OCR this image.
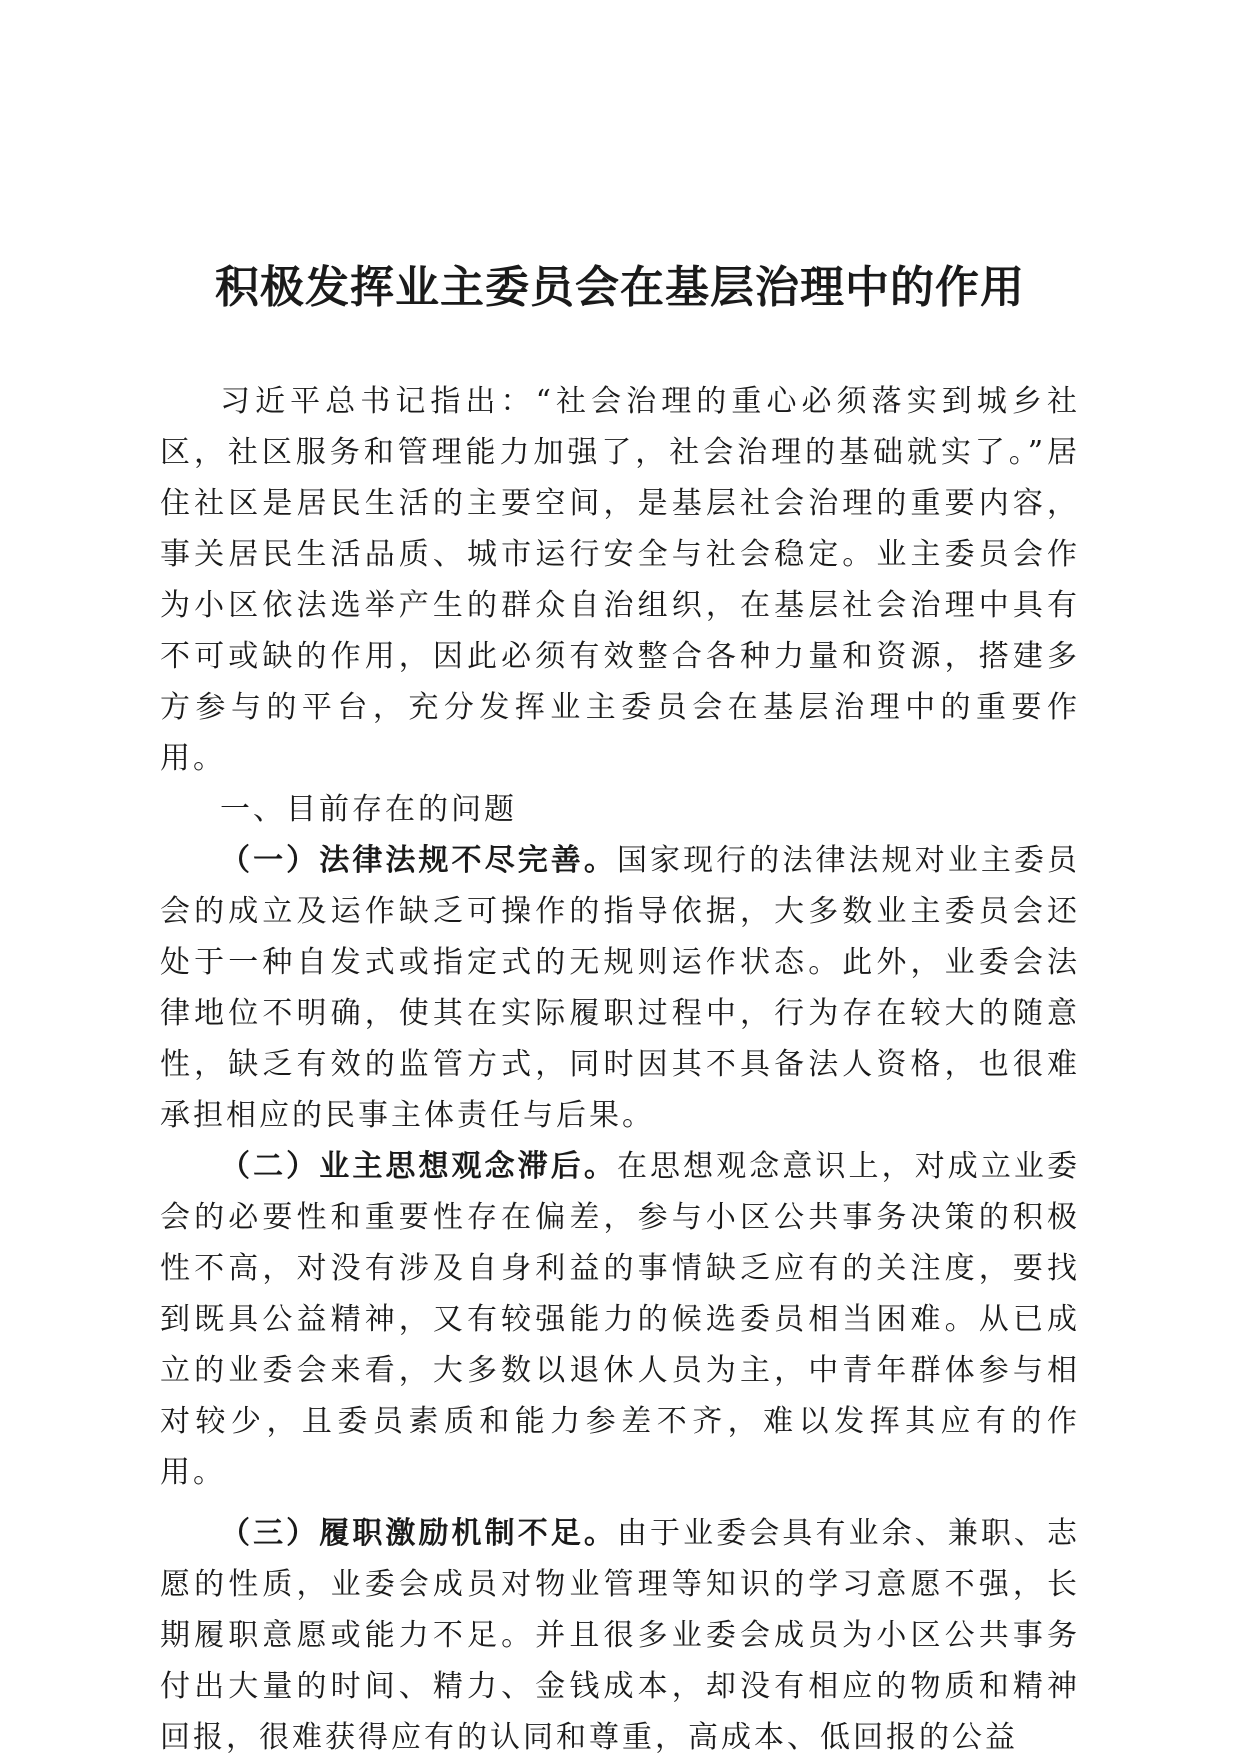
积极发挥业主委员会在基层治理中的作用

习近平总书记指出：“社会治理的重心必须落实到城乡社区，社区服务和管理能力加强了，社会治理的基础就实了。”居住社区是居民生活的主要空间，是基层社会治理的重要内容，事关居民生活品质、城市运行安全与社会稳定。业主委员会作为小区依法选举产生的群众自治组织，在基层社会治理中具有不可或缺的作用，因此必须有效整合各种力量和资源，搭建多方参与的平台，充分发挥业主委员会在基层治理中的重要作用。

一、目前存在的问题

（一）法律法规不尽完善。国家现行的法律法规对业主委员会的成立及运作缺乏可操作的指导依据，大多数业主委员会还处于一种自发式或指定式的无规则运作状态。此外，业委会法律地位不明确，使其在实际履职过程中，行为存在较大的随意性，缺乏有效的监管方式，同时因其不具备法人资格，也很难承担相应的民事主体责任与后果。

（二）业主思想观念滞后。在思想观念意识上，对成立业委会的必要性和重要性存在偏差，参与小区公共事务决策的积极性不高，对没有涉及自身利益的事情缺乏应有的关注度，要找到既具公益精神，又有较强能力的候选委员相当困难。从已成立的业委会来看，大多数以退休人员为主，中青年群体参与相对较少，且委员素质和能力参差不齐，难以发挥其应有的作用。

（三）履职激励机制不足。由于业委会具有业余、兼职、志愿的性质，业委会成员对物业管理等知识的学习意愿不强，长期履职意愿或能力不足。并且很多业委会成员为小区公共事务付出大量的时间、精力、金钱成本，却没有相应的物质和精神回报，很难获得应有的认同和尊重，高成本、低回报的公益
